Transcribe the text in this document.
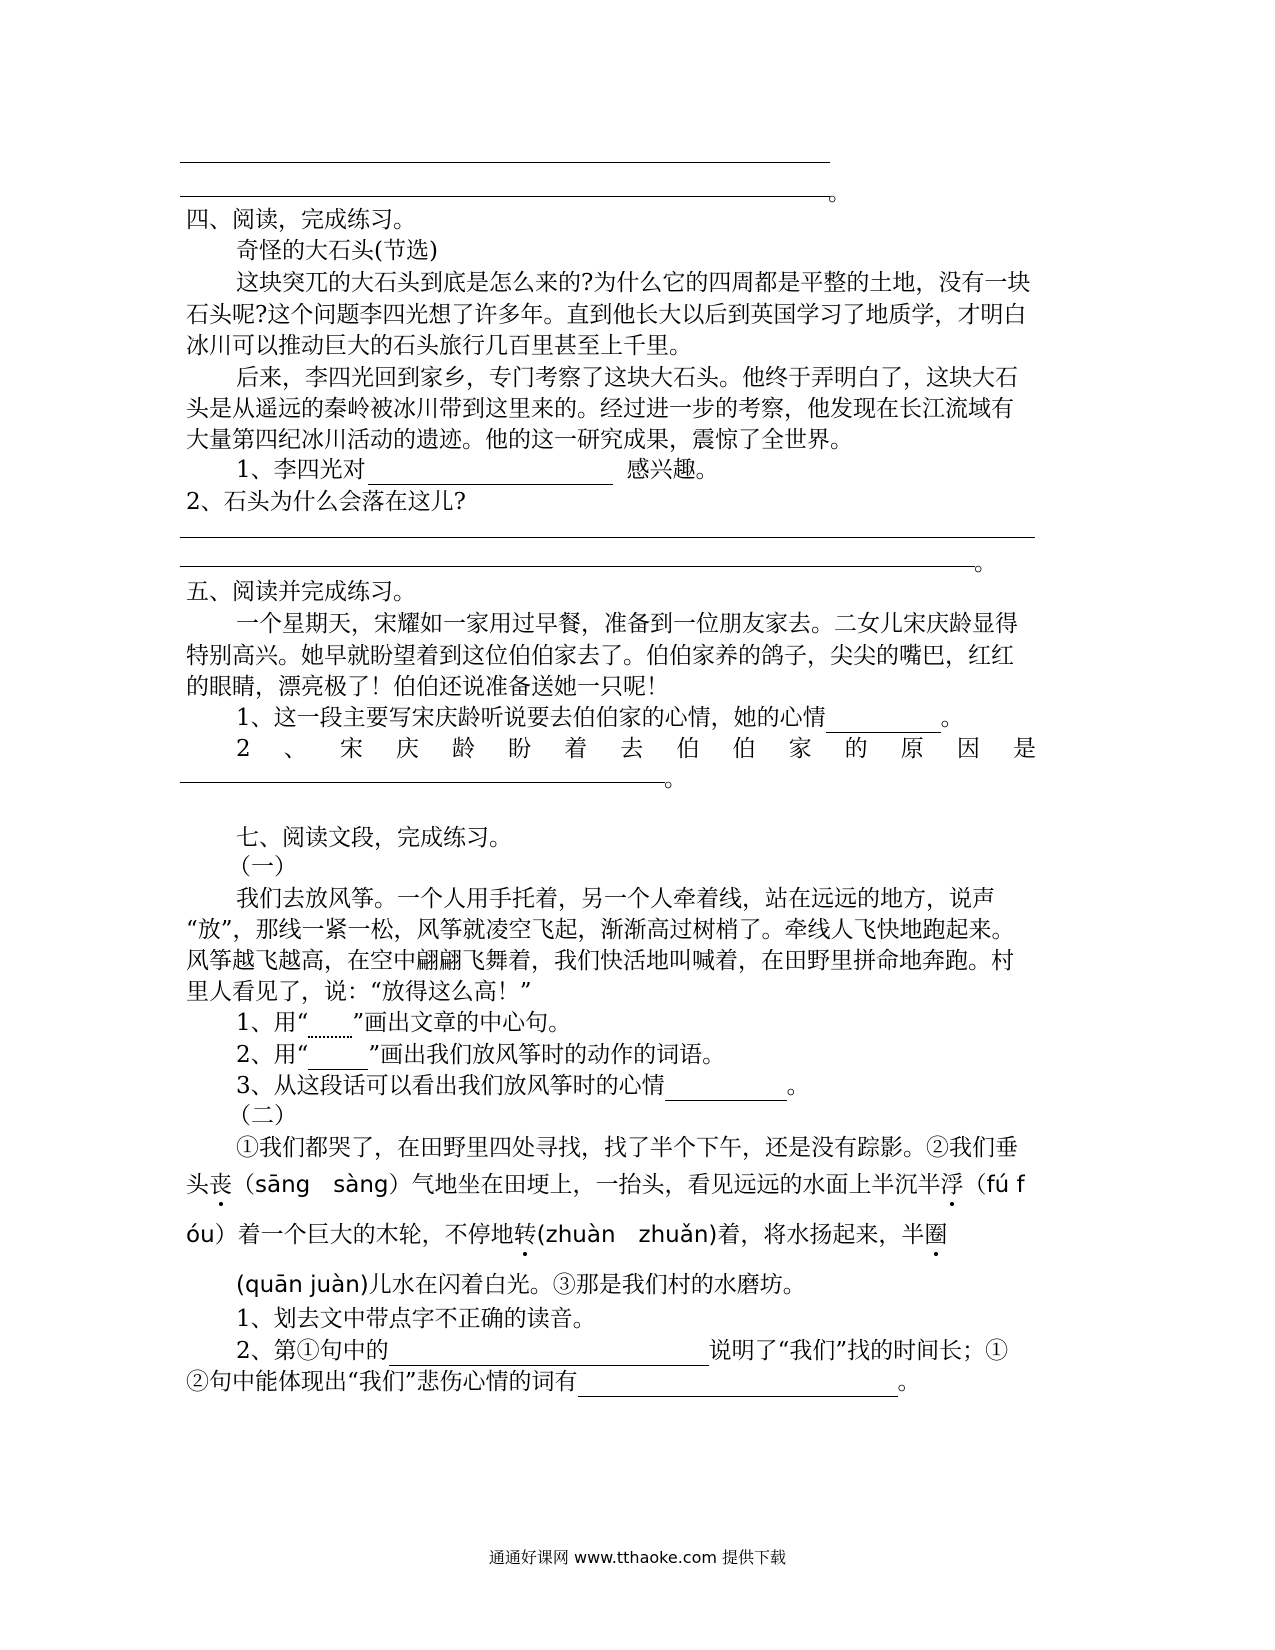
。
四、阅读，完成练习。
奇怪的大石头(节选)
这块突兀的大石头到底是怎么来的?为什么它的四周都是平整的土地，没有一块
石头呢?这个问题李四光想了许多年。直到他长大以后到英国学习了地质学，才明白
冰川可以推动巨大的石头旅行几百里甚至上千里。
后来，李四光回到家乡，专门考察了这块大石头。他终于弄明白了，这块大石
头是从遥远的秦岭被冰川带到这里来的。经过进一步的考察，他发现在长江流域有
大量第四纪冰川活动的遗迹。他的这一研究成果，震惊了全世界。
1、李四光对	感兴趣。
2、石头为什么会落在这儿?
。
五、阅读并完成练习。
一个星期天，宋耀如一家用过早餐，准备到一位朋友家去。二女儿宋庆龄显得
特别高兴。她早就盼望着到这位伯伯家去了。伯伯家养的鸽子，尖尖的嘴巴，红红
的眼睛，漂亮极了！伯伯还说准备送她一只呢！
1、这一段主要写宋庆龄听说要去伯伯家的心情，她的心情	。
2 、 宋 庆 龄 盼 着 去 伯 伯 家 的 原 因 是
。
七、阅读文段，完成练习。
（一）
我们去放风筝。一个人用手托着，另一个人牵着线，站在远远的地方，说声
“放”，那线一紧一松，风筝就凌空飞起，渐渐高过树梢了。牵线人飞快地跑起来。
风筝越飞越高，在空中翩翩飞舞着，我们快活地叫喊着，在田野里拼命地奔跑。村
里人看见了，说：“放得这么高！”
1、用“ ”画出文章的中心句。
2、用“	”画出我们放风筝时的动作的词语。
3、从这段话可以看出我们放风筝时的心情	。
（二）
①我们都哭了，在田野里四处寻找，找了半个下午，还是没有踪影。②我们垂
头丧（sāng　sàng）气地坐在田埂上，一抬头，看见远远的水面上半沉半浮（fú f
óu）着一个巨大的木轮，不停地转(zhuàn　zhuǎn)着，将水扬起来，半圈
(quān juàn)儿水在闪着白光。③那是我们村的水磨坊。
1、划去文中带点字不正确的读音。
2、第①句中的	说明了“我们”找的时间长；①
②句中能体现出“我们”悲伤心情的词有	。
通通好课网 www.tthaoke.com 提供下载
